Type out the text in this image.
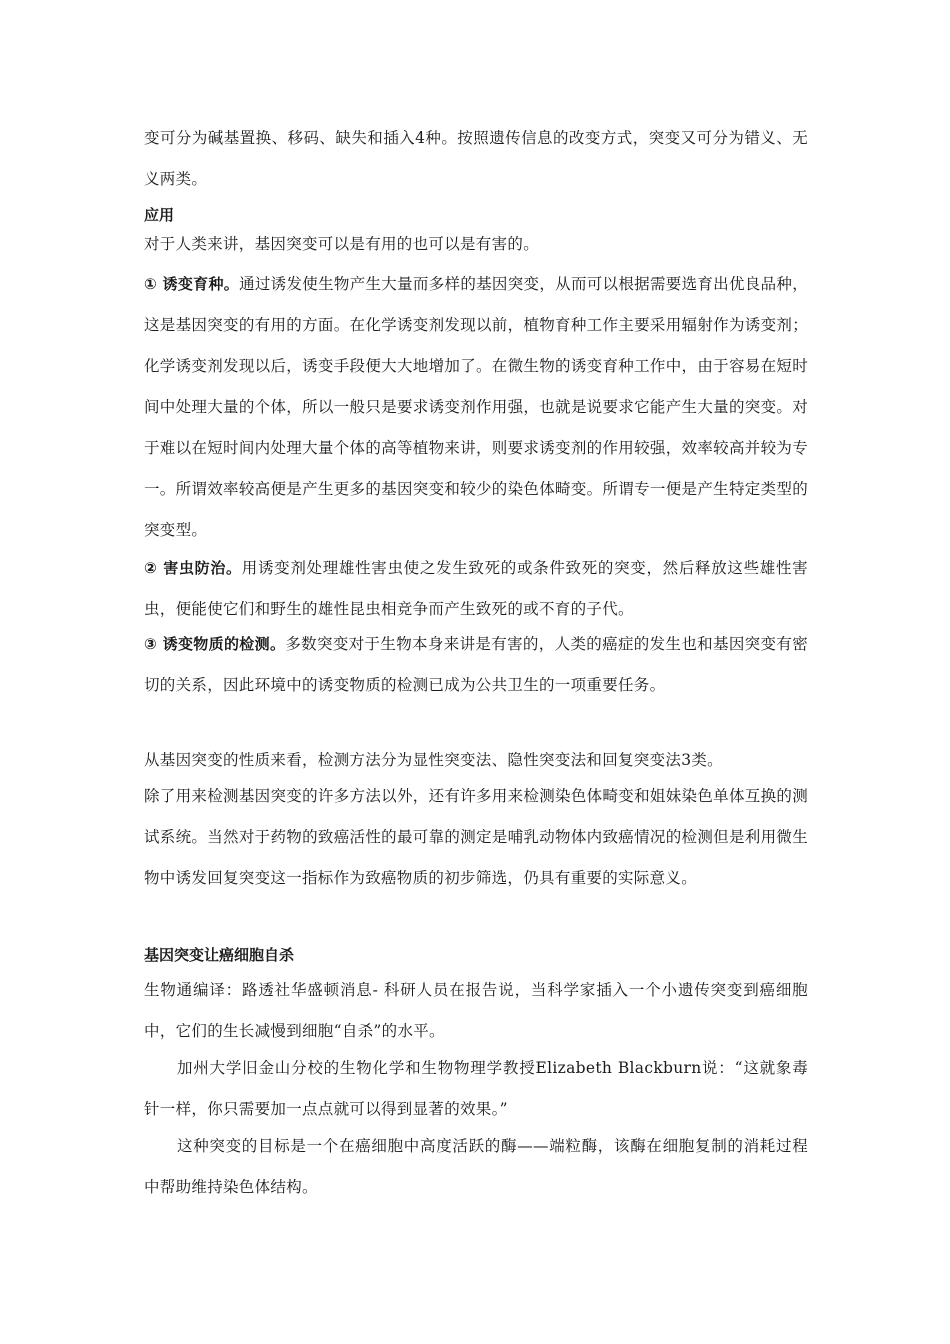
变可分为碱基置换、移码、缺失和插入4种。按照遗传信息的改变方式，突变又可分为错义、无义两类。

应用

对于人类来讲，基因突变可以是有用的也可以是有害的。

① 诱变育种。通过诱发使生物产生大量而多样的基因突变，从而可以根据需要选育出优良品种，这是基因突变的有用的方面。在化学诱变剂发现以前，植物育种工作主要采用辐射作为诱变剂；化学诱变剂发现以后，诱变手段便大大地增加了。在微生物的诱变育种工作中，由于容易在短时间中处理大量的个体，所以一般只是要求诱变剂作用强，也就是说要求它能产生大量的突变。对于难以在短时间内处理大量个体的高等植物来讲，则要求诱变剂的作用较强，效率较高并较为专一。所谓效率较高便是产生更多的基因突变和较少的染色体畸变。所谓专一便是产生特定类型的突变型。

② 害虫防治。用诱变剂处理雄性害虫使之发生致死的或条件致死的突变，然后释放这些雄性害虫，便能使它们和野生的雄性昆虫相竞争而产生致死的或不育的子代。

③ 诱变物质的检测。多数突变对于生物本身来讲是有害的，人类的癌症的发生也和基因突变有密切的关系，因此环境中的诱变物质的检测已成为公共卫生的一项重要任务。

从基因突变的性质来看，检测方法分为显性突变法、隐性突变法和回复突变法3类。

除了用来检测基因突变的许多方法以外，还有许多用来检测染色体畸变和姐妹染色单体互换的测试系统。当然对于药物的致癌活性的最可靠的测定是哺乳动物体内致癌情况的检测但是利用微生物中诱发回复突变这一指标作为致癌物质的初步筛选，仍具有重要的实际意义。

基因突变让癌细胞自杀

生物通编译：路透社华盛顿消息- 科研人员在报告说，当科学家插入一个小遗传突变到癌细胞中，它们的生长减慢到细胞“自杀”的水平。

加州大学旧金山分校的生物化学和生物物理学教授Elizabeth Blackburn说：“这就象毒针一样，你只需要加一点点就可以得到显著的效果。”

这种突变的目标是一个在癌细胞中高度活跃的酶——端粒酶，该酶在细胞复制的消耗过程中帮助维持染色体结构。
